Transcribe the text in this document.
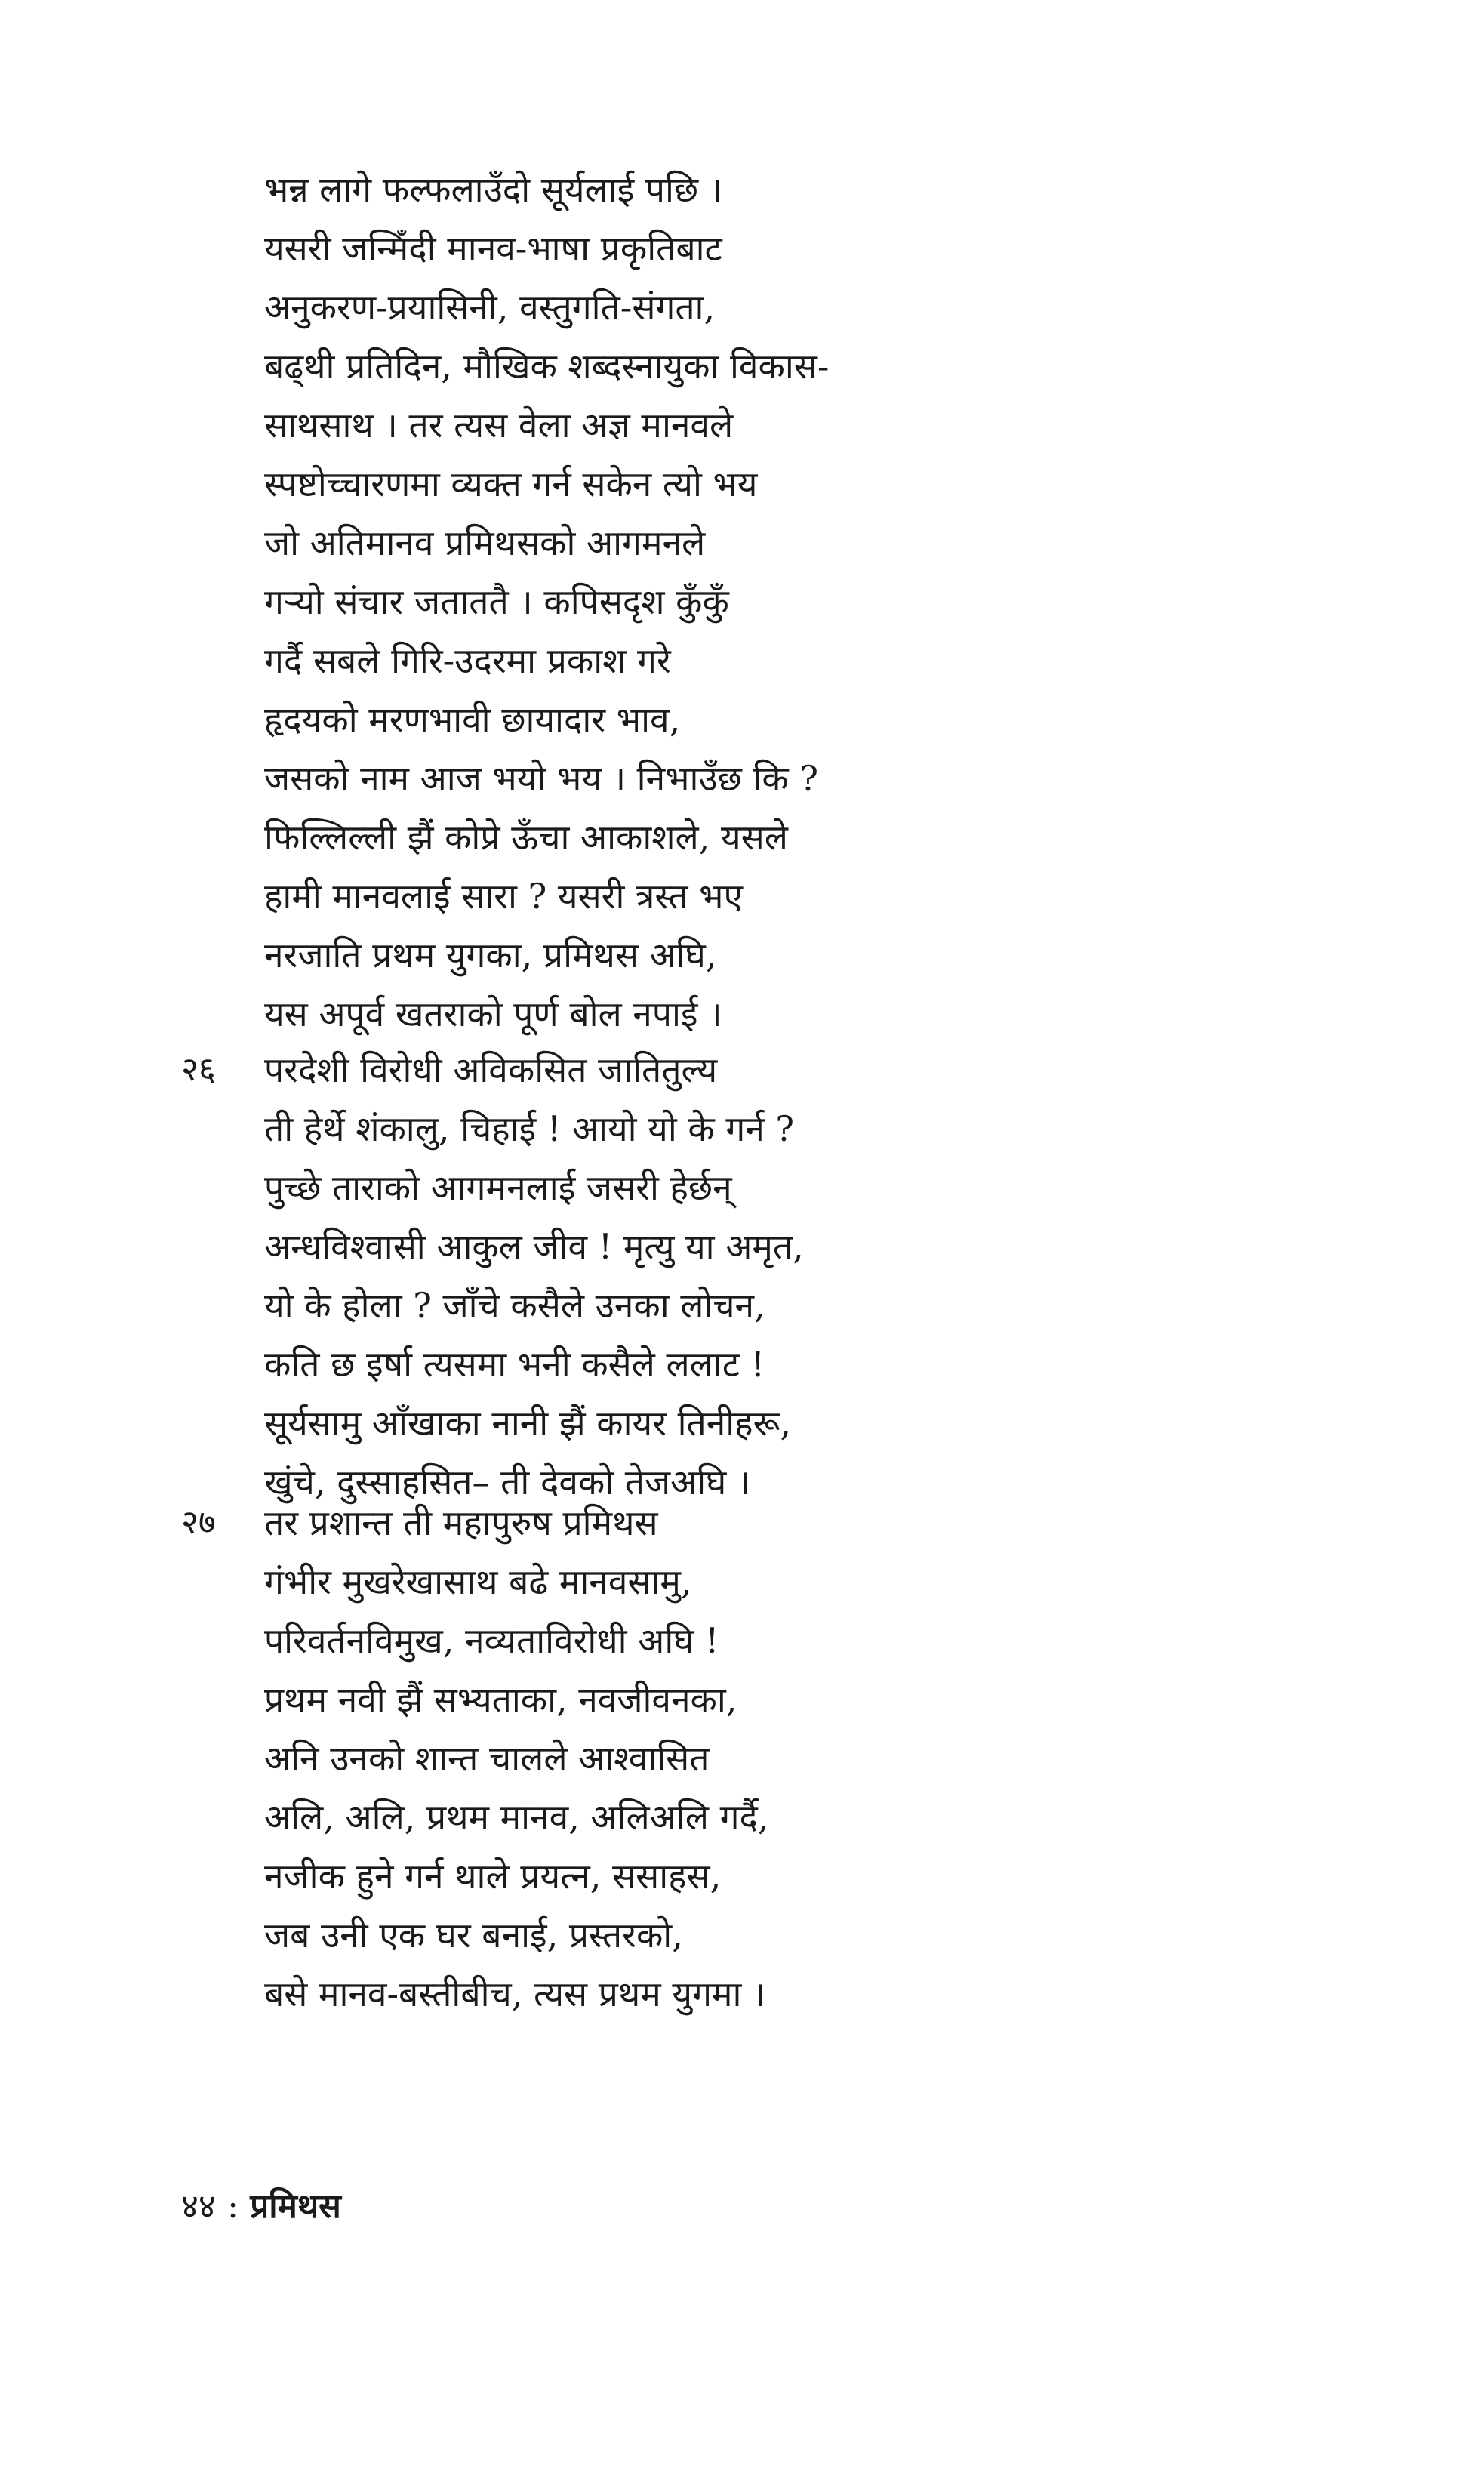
भन्न लागे फल्फलाउँदो सूर्यलाई पछि ।
यसरी जन्मिँदी मानव-भाषा प्रकृतिबाट
अनुकरण-प्रयासिनी, वस्तुगति-संगता,
बढ्थी प्रतिदिन, मौखिक शब्दस्नायुका विकास-
साथसाथ । तर त्यस वेला अज्ञ मानवले
स्पष्टोच्चारणमा व्यक्त गर्न सकेन त्यो भय
जो अतिमानव प्रमिथसको आगमनले
गऱ्यो संचार जताततै । कपिसदृश कुँकुँ
गर्दै सबले गिरि-उदरमा प्रकाश गरे
हृदयको मरणभावी छायादार भाव,
जसको नाम आज भयो भय । निभाउँछ कि ?
फिल्लिल्ली झैं कोप्रे ऊँचा आकाशले, यसले
हामी मानवलाई सारा ? यसरी त्रस्त भए
नरजाति प्रथम युगका, प्रमिथस अघि,
यस अपूर्व खतराको पूर्ण बोल नपाई ।
२६ परदेशी विरोधी अविकसित जातितुल्य
ती हेर्थे शंकालु, चिहाई ! आयो यो के गर्न ?
पुच्छे ताराको आगमनलाई जसरी हेर्छन्
अन्धविश्वासी आकुल जीव ! मृत्यु या अमृत,
यो के होला ? जाँचे कसैले उनका लोचन,
कति छ इर्षा त्यसमा भनी कसैले ललाट !
सूर्यसामु आँखाका नानी झैं कायर तिनीहरू,
खुंचे, दुस्साहसित– ती देवको तेजअघि ।
२७ तर प्रशान्त ती महापुरुष प्रमिथस
गंभीर मुखरेखासाथ बढे मानवसामु,
परिवर्तनविमुख, नव्यताविरोधी अघि !
प्रथम नवी झैं सभ्यताका, नवजीवनका,
अनि उनको शान्त चालले आश्वासित
अलि, अलि, प्रथम मानव, अलिअलि गर्दै,
नजीक हुने गर्न थाले प्रयत्न, ससाहस,
जब उनी एक घर बनाई, प्रस्तरको,
बसे मानव-बस्तीबीच, त्यस प्रथम युगमा ।
४४ : प्रमिथस
